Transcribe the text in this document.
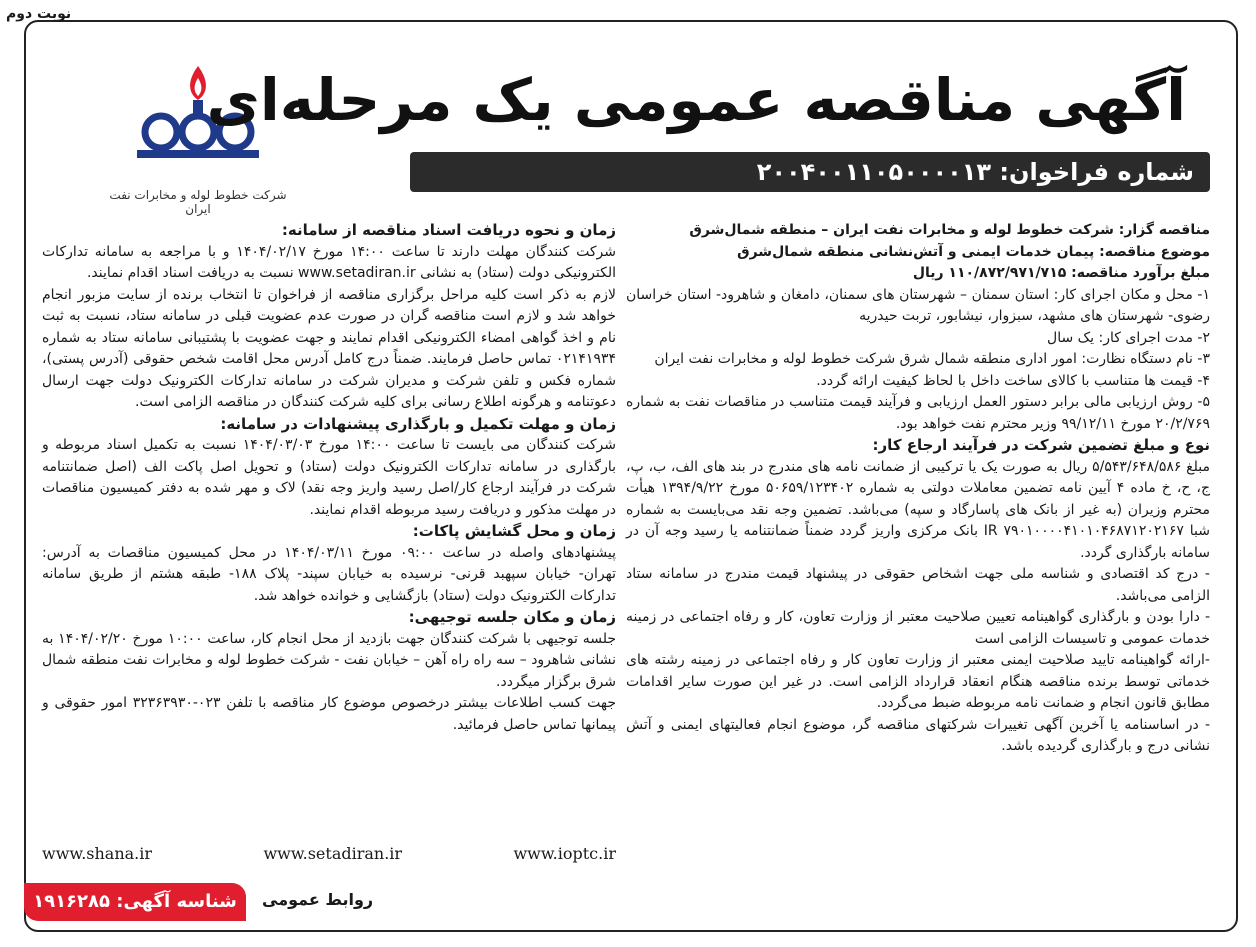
نوبت دوم
شرکت خطوط لوله و مخابرات نفت ایران
آگهی مناقصه عمومی یک مرحله‌ای
شماره فراخوان: ۲۰۰۴۰۰۱۱۰۵۰۰۰۰۱۳

مناقصه گزار: شرکت خطوط لوله و مخابرات نفت ایران – منطقه شمال‌شرق

موضوع مناقصه: پیمان خدمات ایمنی و آتش‌نشانی منطقه شمال‌شرق

مبلغ برآورد مناقصه: ۱۱۰/۸۷۲/۹۷۱/۷۱۵ ریال

۱- محل و مکان اجرای کار: استان سمنان – شهرستان های سمنان، دامغان و شاهرود- استان خراسان رضوی- شهرستان های مشهد، سبزوار، نیشابور، تربت حیدریه

۲- مدت اجرای کار: یک سال

۳- نام دستگاه نظارت: امور اداری منطقه شمال شرق شرکت خطوط لوله و مخابرات نفت ایران

۴- قیمت ها متناسب با کالای ساخت داخل با لحاظ کیفیت ارائه گردد.

۵- روش ارزیابی مالی برابر دستور العمل ارزیابی و فرآیند قیمت متناسب در مناقصات نفت به شماره ۲۰/۲/۷۶۹ مورخ ۹۹/۱۲/۱۱ وزیر محترم نفت خواهد بود.

نوع و مبلغ تضمین شرکت در فرآیند ارجاع کار:

مبلغ ۵/۵۴۳/۶۴۸/۵۸۶ ریال به صورت یک یا ترکیبی از ضمانت نامه های مندرج در بند های الف، ب، پ، ج، ح، خ ماده ۴ آیین نامه تضمین معاملات دولتی به شماره ۵۰۶۵۹/۱۲۳۴۰۲ مورخ ۱۳۹۴/۹/۲۲ هیأت محترم وزیران (به غیر از بانک های پاسارگاد و سپه) می‌باشد. تضمین وجه نقد می‌بایست به شماره شبا IR ۷۹۰۱۰۰۰۰۴۱۰۱۰۴۶۸۷۱۲۰۲۱۶۷ بانک مرکزی واریز گردد ضمناً ضمانتنامه یا رسید وجه آن در سامانه بارگذاری گردد.

- درج کد اقتصادی و شناسه ملی جهت اشخاص حقوقی در پیشنهاد قیمت مندرج در سامانه ستاد الزامی می‌باشد.

- دارا بودن و بارگذاری گواهینامه تعیین صلاحیت معتبر از وزارت تعاون، کار و رفاه اجتماعی در زمینه خدمات عمومی و تاسیسات الزامی است

-ارائه گواهینامه تایید صلاحیت ایمنی معتبر از وزارت تعاون کار و رفاه اجتماعی در زمینه رشته های خدماتی توسط برنده مناقصه هنگام انعقاد قرارداد الزامی است. در غیر این صورت سایر اقدامات مطابق قانون انجام و ضمانت نامه مربوطه ضبط می‌گردد.

- در اساسنامه یا آخرین آگهی تغییرات شرکتهای مناقصه گر، موضوع انجام فعالیتهای ایمنی و آتش نشانی درج و بارگذاری گردیده باشد.

زمان و نحوه دریافت اسناد مناقصه از سامانه:

شرکت کنندگان مهلت دارند تا ساعت ۱۴:۰۰ مورخ ۱۴۰۴/۰۲/۱۷ و با مراجعه به سامانه تدارکات الکترونیکی دولت (ستاد) به نشانی www.setadiran.ir نسبت به دریافت اسناد اقدام نمایند.

لازم به ذکر است کلیه مراحل برگزاری مناقصه از فراخوان تا انتخاب برنده از سایت مزبور انجام خواهد شد و لازم است مناقصه گران در صورت عدم عضویت قبلی در سامانه ستاد، نسبت به ثبت نام و اخذ گواهی امضاء الکترونیکی اقدام نمایند و جهت عضویت با پشتیبانی سامانه ستاد به شماره ۰۲۱۴۱۹۳۴ تماس حاصل فرمایند. ضمناً درج کامل آدرس محل اقامت شخص حقوقی (آدرس پستی)، شماره فکس و تلفن شرکت و مدیران شرکت در سامانه تدارکات الکترونیک دولت جهت ارسال دعوتنامه و هرگونه اطلاع رسانی برای کلیه شرکت کنندگان در مناقصه الزامی است.

زمان و مهلت تکمیل و بارگذاری پیشنهادات در سامانه:

شرکت کنندگان می بایست تا ساعت ۱۴:۰۰ مورخ ۱۴۰۴/۰۳/۰۳ نسبت به تکمیل اسناد مربوطه و بارگذاری در سامانه تدارکات الکترونیک دولت (ستاد) و تحویل اصل پاکت الف (اصل ضمانتنامه شرکت در فرآیند ارجاع کار/اصل رسید واریز وجه نقد) لاک و مهر شده به دفتر کمیسیون مناقصات در مهلت مذکور و دریافت رسید مربوطه اقدام نمایند.

زمان و محل گشایش پاکات:

پیشنهادهای واصله در ساعت ۰۹:۰۰ مورخ ۱۴۰۴/۰۳/۱۱ در محل کمیسیون مناقصات به آدرس: تهران- خیابان سپهبد قرنی- نرسیده به خیابان سپند- پلاک ۱۸۸- طبقه هشتم از طریق سامانه تدارکات الکترونیک دولت (ستاد) بازگشایی و خوانده خواهد شد.

زمان و مکان جلسه توجیهی:

جلسه توجیهی با شرکت کنندگان جهت بازدید از محل انجام کار، ساعت ۱۰:۰۰ مورخ ۱۴۰۴/۰۲/۲۰ به نشانی شاهرود – سه راه راه آهن – خیابان نفت - شرکت خطوط لوله و مخابرات نفت منطقه شمال شرق برگزار میگردد.

جهت کسب اطلاعات بیشتر درخصوص موضوع کار مناقصه با تلفن ۰۲۳-۳۲۳۶۳۹۳۰ امور حقوقی و پیمانها تماس حاصل فرمائید.

www.shana.ir	www.setadiran.ir	www.ioptc.ir
روابط عمومی
شناسه آگهی: ۱۹۱۶۲۸۵
